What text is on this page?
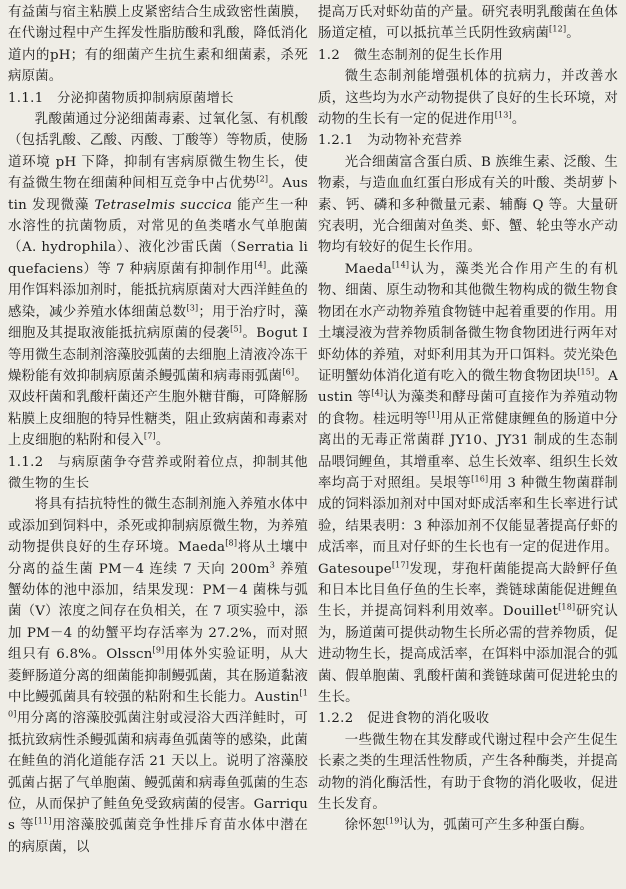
有益菌与宿主粘膜上皮紧密结合生成致密性菌膜，在代谢过程中产生挥发性脂肪酸和乳酸，降低消化道内的pH；有的细菌产生抗生素和细菌素，杀死病原菌。

1.1.1　分泌抑菌物质抑制病原菌增长

乳酸菌通过分泌细菌毒素、过氧化氢、有机酸（包括乳酸、乙酸、丙酸、丁酸等）等物质，使肠道环境 pH 下降，抑制有害病原微生物生长，使有益微生物在细菌种间相互竞争中占优势[2]。Austin 发现微藻 Tetraselmis succica 能产生一种水溶性的抗菌物质，对常见的鱼类嗜水气单胞菌（A. hydrophila）、液化沙雷氏菌（Serratia liquefaciens）等 7 种病原菌有抑制作用[4]。此藻用作饵料添加剂时，能抵抗病原菌对大西洋鲑鱼的感染，减少养殖水体细菌总数[3]；用于治疗时，藻细胞及其提取液能抵抗病原菌的侵袭[5]。Bogut I 等用微生态制剂溶藻胶弧菌的去细胞上清液冷冻干燥粉能有效抑制病原菌杀鳗弧菌和病毒雨弧菌[6]。双歧杆菌和乳酸杆菌还产生胞外糖苷酶，可降解肠粘膜上皮细胞的特异性糖类，阻止致病菌和毒素对上皮细胞的粘附和侵入[7]。

1.1.2　与病原菌争夺营养或附着位点，抑制其他微生物的生长

将具有拮抗特性的微生态制剂施入养殖水体中或添加到饲料中，杀死或抑制病原微生物，为养殖动物提供良好的生存环境。Maeda[8]将从土壤中分离的益生菌 PM－4 连续 7 天向 $200m^3$ 养殖蟹幼体的池中添加，结果发现：PM－4 菌株与弧菌（V）浓度之间存在负相关，在 7 项实验中，添加 PM－4 的幼蟹平均存活率为 27.2%，而对照组只有 6.8%。Olsscn[9]用体外实验证明，从大菱鲆肠道分离的细菌能抑制鳗弧菌，其在肠道黏液中比鳗弧菌具有较强的粘附和生长能力。Austin[10]用分离的溶藻胶弧菌注射或浸浴大西洋鲑时，可抵抗致病性杀鳗弧菌和病毒鱼弧菌等的感染，此菌在鲑鱼的消化道能存活 21 天以上。说明了溶藻胶弧菌占据了气单胞菌、鳗弧菌和病毒鱼弧菌的生态位，从而保护了鲑鱼免受致病菌的侵害。Garriqus 等[11]用溶藻胶弧菌竞争性排斥育苗水体中潜在的病原菌，以

提高万氏对虾幼苗的产量。研究表明乳酸菌在鱼体肠道定植，可以抵抗革兰氏阴性致病菌[12]。

1.2　微生态制剂的促生长作用

微生态制剂能增强机体的抗病力，并改善水质，这些均为水产动物提供了良好的生长环境，对动物的生长有一定的促进作用[13]。

1.2.1　为动物补充营养

光合细菌富含蛋白质、B 族维生素、泛酸、生物素，与造血血红蛋白形成有关的叶酸、类胡萝卜素、钙、磷和多种微量元素、辅酶 Q 等。大量研究表明，光合细菌对鱼类、虾、蟹、轮虫等水产动物均有较好的促生长作用。

Maeda[14]认为，藻类光合作用产生的有机物、细菌、原生动物和其他微生物构成的微生物食物团在水产动物养殖食物链中起着重要的作用。用土壤浸液为营养物质制备微生物食物团进行两年对虾幼体的养殖，对虾利用其为开口饵料。荧光染色证明蟹幼体消化道有吃入的微生物食物团块[15]。Austin 等[4]认为藻类和酵母菌可直接作为养殖动物的食物。桂远明等[1]用从正常健康鲤鱼的肠道中分离出的无毒正常菌群 JY10、JY31 制成的生态制品喂饲鲤鱼，其增重率、总生长效率、组织生长效率均高于对照组。吴垠等[16]用 3 种微生物菌群制成的饲料添加剂对中国对虾成活率和生长率进行试验，结果表明：3 种添加剂不仅能显著提高仔虾的成活率，而且对仔虾的生长也有一定的促进作用。Gatesoupe[17]发现，芽孢杆菌能提高大龄鲆仔鱼和日本比目鱼仔鱼的生长率，粪链球菌能促进鲤鱼生长，并提高饲料利用效率。Douillet[18]研究认为，肠道菌可提供动物生长所必需的营养物质，促进动物生长，提高成活率，在饵料中添加混合的弧菌、假单胞菌、乳酸杆菌和粪链球菌可促进轮虫的生长。

1.2.2　促进食物的消化吸收

一些微生物在其发酵或代谢过程中会产生促生长素之类的生理活性物质，产生各种酶类，并提高动物的消化酶活性，有助于食物的消化吸收，促进生长发育。

徐怀恕[19]认为，弧菌可产生多种蛋白酶。
